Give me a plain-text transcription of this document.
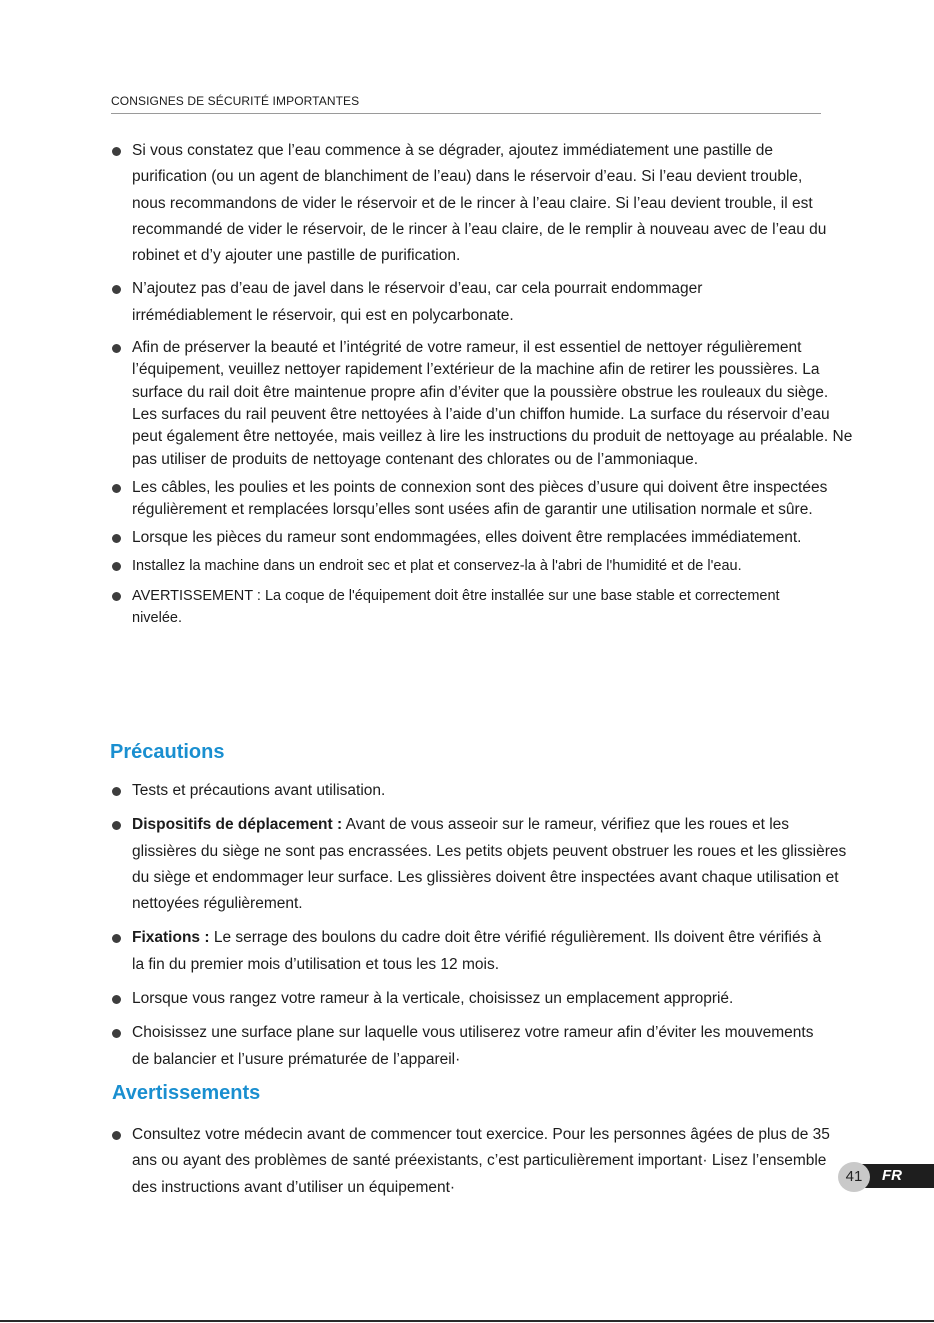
CONSIGNES DE SÉCURITÉ IMPORTANTES
Si vous constatez que l’eau commence à se dégrader, ajoutez immédiatement une pastille de purification (ou un agent de blanchiment de l’eau) dans le réservoir d’eau. Si l’eau devient trouble, nous recommandons de vider le réservoir et de le rincer à l’eau claire. Si l’eau devient trouble, il est recommandé de vider le réservoir, de le rincer à l’eau claire, de le remplir à nouveau avec de l’eau du robinet et d’y ajouter une pastille de purification.
N’ajoutez pas d’eau de javel dans le réservoir d’eau, car cela pourrait endommager irrémédiablement le réservoir, qui est en polycarbonate.
Afin de préserver la beauté et l’intégrité de votre rameur, il est essentiel de nettoyer régulièrement l’équipement, veuillez nettoyer rapidement l’extérieur de la machine afin de retirer les poussières. La surface du rail doit être maintenue propre afin d’éviter que la poussière obstrue les rouleaux du siège. Les surfaces du rail peuvent être nettoyées à l’aide d’un chiffon humide. La surface du réservoir d’eau peut également être nettoyée, mais veillez à lire les instructions du produit de nettoyage au préalable. Ne pas utiliser de produits de nettoyage contenant des chlorates ou de l’ammoniaque.
Les câbles, les poulies et les points de connexion sont des pièces d’usure qui doivent être inspectées régulièrement et remplacées lorsqu’elles sont usées afin de garantir une utilisation normale et sûre.
Lorsque les pièces du rameur sont endommagées, elles doivent être remplacées immédiatement.
Installez la machine dans un endroit sec et plat et conservez-la à l'abri de l'humidité et de l'eau.
AVERTISSEMENT : La coque de l'équipement doit être installée sur une base stable et correctement nivelée.
Précautions
Tests et précautions avant utilisation.
Dispositifs de déplacement : Avant de vous asseoir sur le rameur, vérifiez que les roues et les glissières du siège ne sont pas encrassées. Les petits objets peuvent obstruer les roues et les glissières du siège et endommager leur surface. Les glissières doivent être inspectées avant chaque utilisation et nettoyées régulièrement.
Fixations : Le serrage des boulons du cadre doit être vérifié régulièrement. Ils doivent être vérifiés à la fin du premier mois d’utilisation et tous les 12 mois.
Lorsque vous rangez votre rameur à la verticale, choisissez un emplacement approprié.
Choisissez une surface plane sur laquelle vous utiliserez votre rameur afin d’éviter les mouvements de balancier et l’usure prématurée de l’appareil·
Avertissements
Consultez votre médecin avant de commencer tout exercice. Pour les personnes âgées de plus de 35 ans ou ayant des problèmes de santé préexistants, c’est particulièrement important· Lisez l’ensemble des instructions avant d’utiliser un équipement·
FR
41
